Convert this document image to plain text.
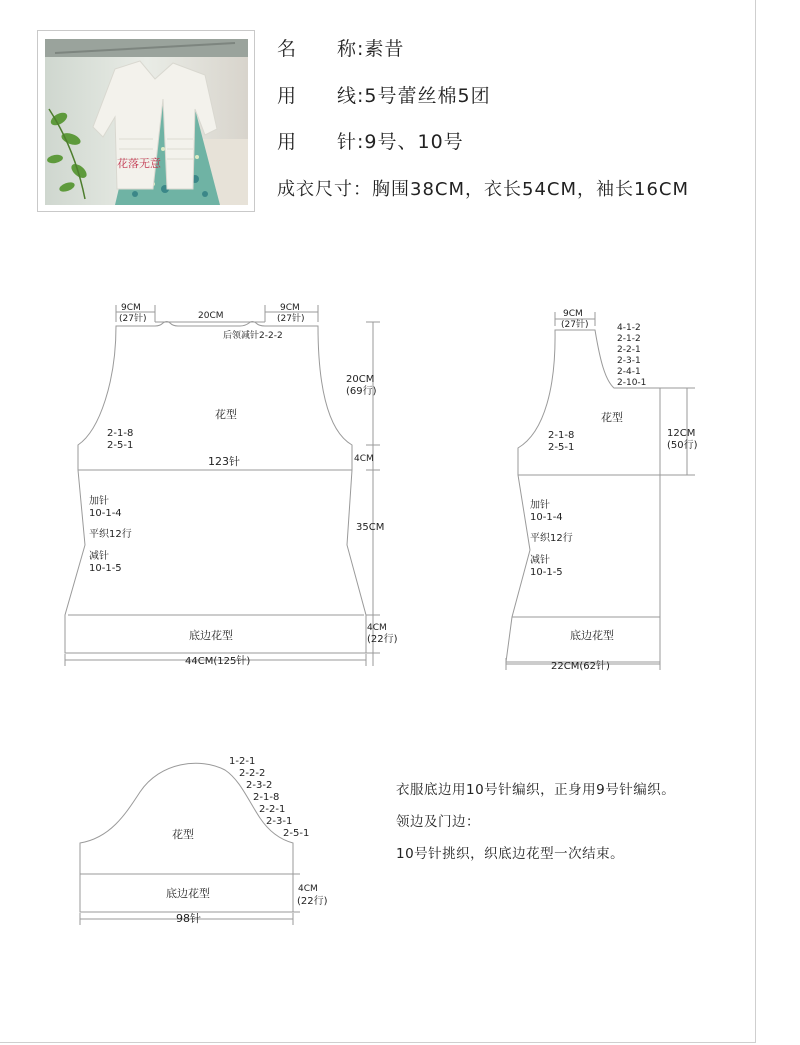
花落无意
名 称:素昔
用 线:5号蕾丝棉5团
用 针:9号、10号
成衣尺寸：胸围38CM，衣长54CM，袖长16CM
9CM
(27针)	20CM
9CM
(27针)
后领减针2-2-2
20CM
(69行)
花型
2-1-8
2-5-1
123针	4CM
加针
10-1-4
平织12行
减针
10-1-5
35CM
底边花型
4CM
(22行)
44CM(125针)
9CM
(27针)	4-1-2
2-1-2
2-2-1
2-3-1
2-4-1
2-10-1
花型
12CM
(50行)
2-1-8
2-5-1
加针
10-1-4
平织12行
减针
10-1-5
底边花型
22CM(62针)
1-2-1
2-2-2
2-3-2
2-1-8
2-2-1
2-3-1
2-5-1
花型
底边花型	4CM
(22行)
98针

衣服底边用10号针编织，正身用9号针编织。

领边及门边：

10号针挑织，织底边花型一次结束。
